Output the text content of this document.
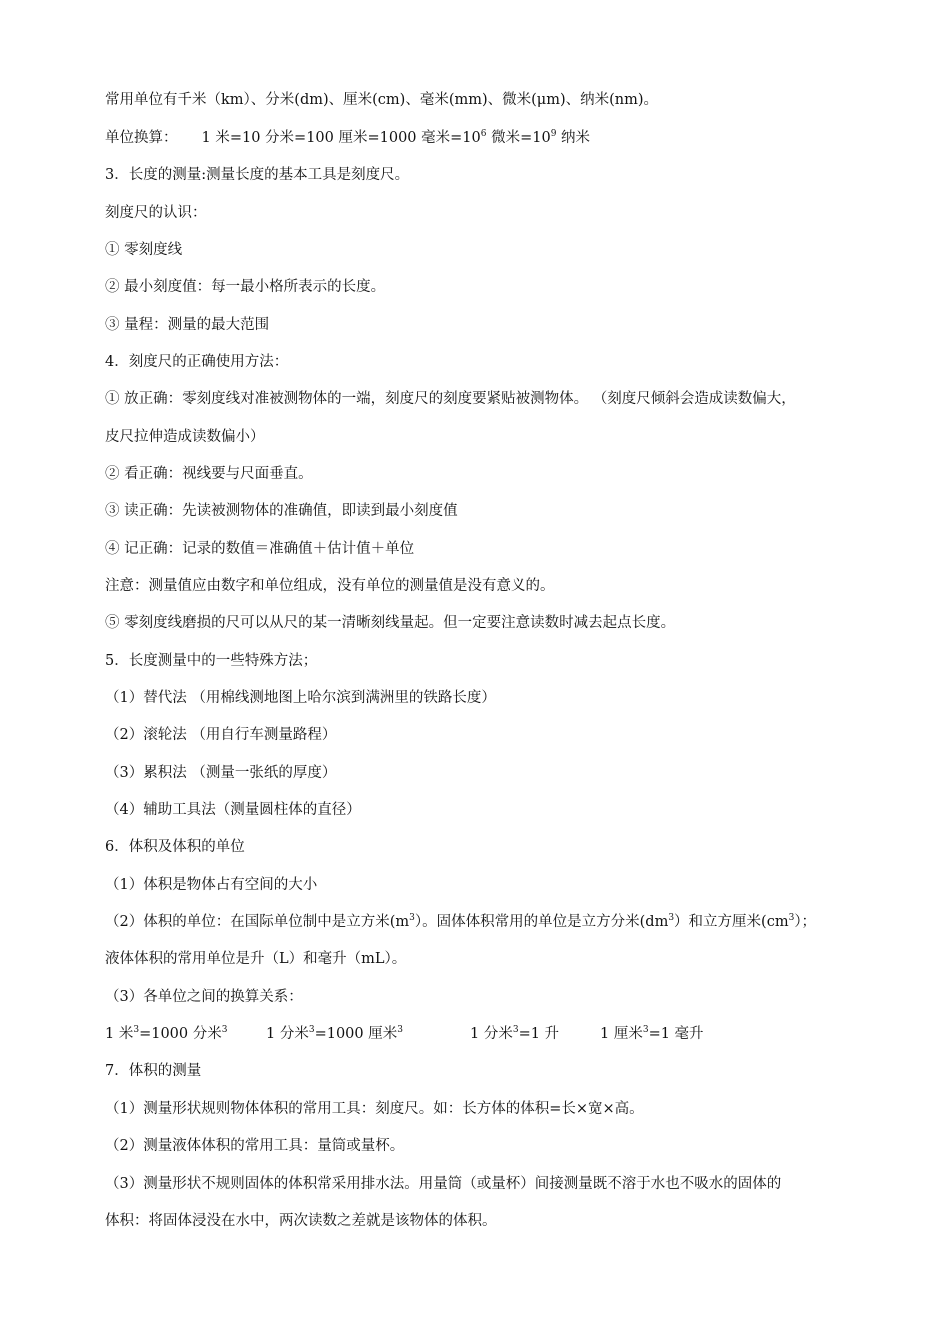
常用单位有千米（km）、分米(dm)、厘米(cm)、毫米(mm)、微米(μm)、纳米(nm)。
单位换算： 1 米=10 分米=100 厘米=1000 毫米$=10^6$ 微米$=10^9$ 纳米
3．长度的测量:测量长度的基本工具是刻度尺。
刻度尺的认识：
① 零刻度线
② 最小刻度值：每一最小格所表示的长度。
③ 量程：测量的最大范围
4．刻度尺的正确使用方法：
① 放正确：零刻度线对准被测物体的一端，刻度尺的刻度要紧贴被测物体。 （刻度尺倾斜会造成读数偏大，
皮尺拉伸造成读数偏小）
② 看正确：视线要与尺面垂直。
③ 读正确：先读被测物体的准确值，即读到最小刻度值
④ 记正确：记录的数值＝准确值＋估计值＋单位
注意：测量值应由数字和单位组成，没有单位的测量值是没有意义的。
⑤ 零刻度线磨损的尺可以从尺的某一清晰刻线量起。但一定要注意读数时减去起点长度。
5．长度测量中的一些特殊方法；
（1）替代法 （用棉线测地图上哈尔滨到满洲里的铁路长度）
（2）滚轮法 （用自行车测量路程）
（3）累积法 （测量一张纸的厚度）
（4）辅助工具法（测量圆柱体的直径）
6．体积及体积的单位
（1）体积是物体占有空间的大小
（2）体积的单位：在国际单位制中是立方米$(m^3)$。固体体积常用的单位是立方分米$(dm^3)$和立方厘米$(cm^3)$；
液体体积的常用单位是升（L）和毫升（mL）。
（3）各单位之间的换算关系：
1 米$^3$=1000 分米$^3$	1 分米$^3$=1000 厘米$^3$	1 分米$^3$=1 升	1 厘米$^3$=1 毫升
7．体积的测量
（1）测量形状规则物体体积的常用工具：刻度尺。如：长方体的体积=长×宽×高。
（2）测量液体体积的常用工具：量筒或量杯。
（3）测量形状不规则固体的体积常采用排水法。用量筒（或量杯）间接测量既不溶于水也不吸水的固体的
体积：将固体浸没在水中，两次读数之差就是该物体的体积。
